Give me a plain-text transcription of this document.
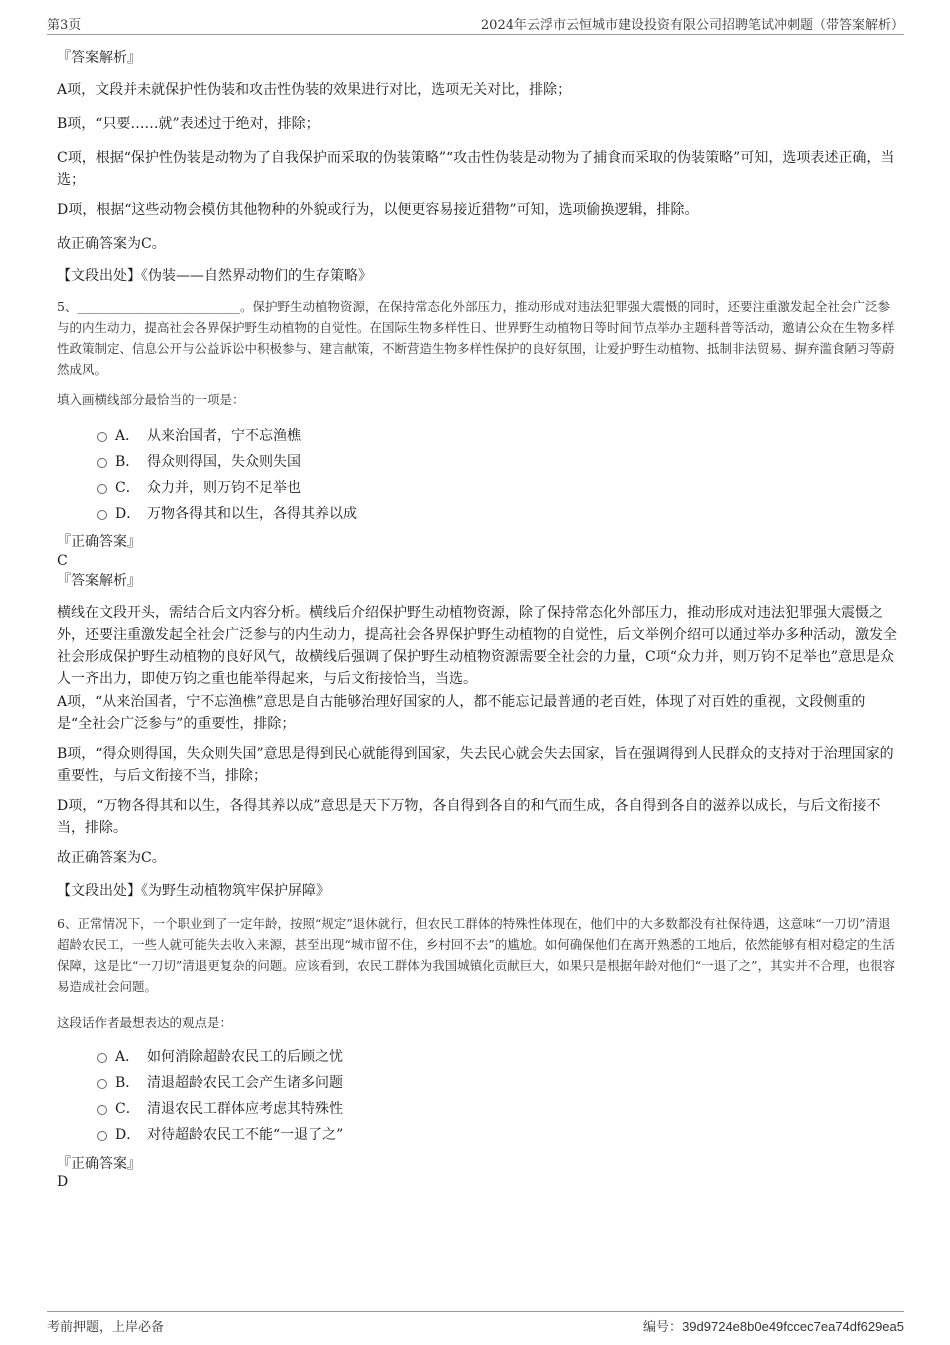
第3页	2024年云浮市云恒城市建设投资有限公司招聘笔试冲刺题（带答案解析）
『答案解析』
A项，文段并未就保护性伪装和攻击性伪装的效果进行对比，选项无关对比，排除；
B项，“只要……就”表述过于绝对，排除；
C项，根据“保护性伪装是动物为了自我保护而采取的伪装策略”“攻击性伪装是动物为了捕食而采取的伪装策略”可知，选项表述正确，当选；
D项，根据“这些动物会模仿其他物种的外貌或行为，以便更容易接近猎物”可知，选项偷换逻辑，排除。
故正确答案为C。
【文段出处】《伪装——自然界动物们的生存策略》
5、__________________________。保护野生动植物资源，在保持常态化外部压力，推动形成对违法犯罪强大震慑的同时，还要注重激发起全社会广泛参与的内生动力，提高社会各界保护野生动植物的自觉性。在国际生物多样性日、世界野生动植物日等时间节点举办主题科普等活动，邀请公众在生物多样性政策制定、信息公开与公益诉讼中积极参与、建言献策，不断营造生物多样性保护的良好氛围，让爱护野生动植物、抵制非法贸易、摒弃滥食陋习等蔚然成风。
填入画横线部分最恰当的一项是：
A． 从来治国者，宁不忘渔樵
B． 得众则得国，失众则失国
C． 众力并，则万钧不足举也
D． 万物各得其和以生，各得其养以成
『正确答案』
C
『答案解析』
横线在文段开头，需结合后文内容分析。横线后介绍保护野生动植物资源，除了保持常态化外部压力，推动形成对违法犯罪强大震慑之外，还要注重激发起全社会广泛参与的内生动力，提高社会各界保护野生动植物的自觉性，后文举例介绍可以通过举办多种活动，激发全社会形成保护野生动植物的良好风气，故横线后强调了保护野生动植物资源需要全社会的力量，C项“众力并，则万钧不足举也”意思是众人一齐出力，即使万钧之重也能举得起来，与后文衔接恰当，当选。
A项，“从来治国者，宁不忘渔樵”意思是自古能够治理好国家的人，都不能忘记最普通的老百姓，体现了对百姓的重视，文段侧重的是“全社会广泛参与”的重要性，排除；
B项，“得众则得国，失众则失国”意思是得到民心就能得到国家，失去民心就会失去国家，旨在强调得到人民群众的支持对于治理国家的重要性，与后文衔接不当，排除；
D项，“万物各得其和以生，各得其养以成”意思是天下万物，各自得到各自的和气而生成，各自得到各自的滋养以成长，与后文衔接不当，排除。
故正确答案为C。
【文段出处】《为野生动植物筑牢保护屏障》
6、正常情况下，一个职业到了一定年龄，按照“规定”退休就行，但农民工群体的特殊性体现在，他们中的大多数都没有社保待遇，这意味“一刀切”清退超龄农民工，一些人就可能失去收入来源，甚至出现“城市留不住，乡村回不去”的尴尬。如何确保他们在离开熟悉的工地后，依然能够有相对稳定的生活保障，这是比“一刀切”清退更复杂的问题。应该看到，农民工群体为我国城镇化贡献巨大，如果只是根据年龄对他们“一退了之”，其实并不合理，也很容易造成社会问题。
这段话作者最想表达的观点是：
A． 如何消除超龄农民工的后顾之忧
B． 清退超龄农民工会产生诸多问题
C． 清退农民工群体应考虑其特殊性
D． 对待超龄农民工不能“一退了之”
『正确答案』
D
考前押题，上岸必备	编号：39d9724e8b0e49fccec7ea74df629ea5
